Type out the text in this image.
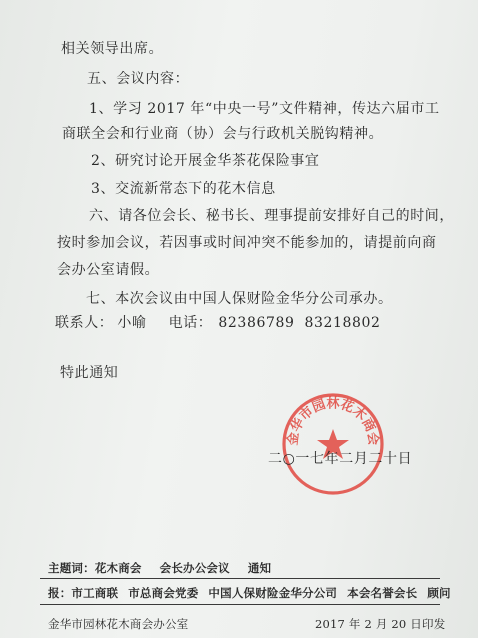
相关领导出席。
五、会议内容：
1、学习 2017 年“中央一号”文件精神，传达六届市工
商联全会和行业商（协）会与行政机关脱钩精神。
2、研究讨论开展金华茶花保险事宜
3、交流新常态下的花木信息
六、请各位会长、秘书长、理事提前安排好自己的时间，
按时参加会议，若因事或时间冲突不能参加的，请提前向商
会办公室请假。
七、本次会议由中国人保财险金华分公司承办。
联系人： 小喻 电话： 82386789 83218802
特此通知
金华市园林花木商会
二○一七年二月二十日
主题词：花木商会 会长办公会议 通知
报：市工商联 市总商会党委 中国人保财险金华分公司 本会名誉会长 顾问
金华市园林花木商会办公室	2017 年 2 月 20 日印发
